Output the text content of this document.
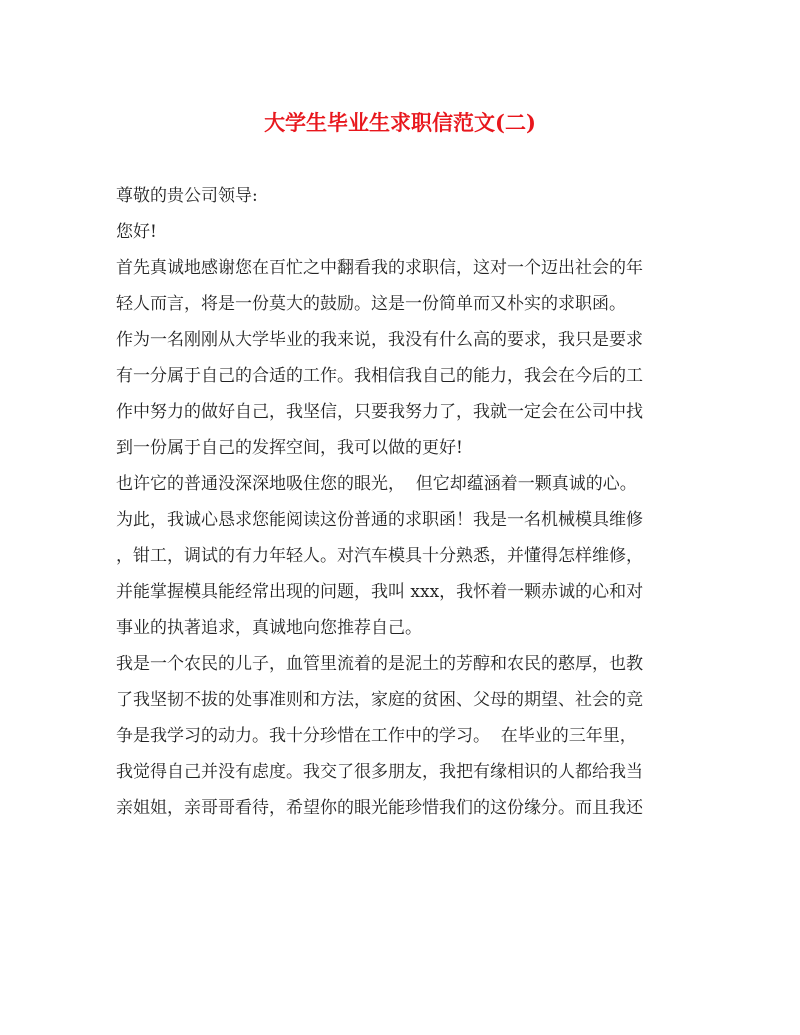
大学生毕业生求职信范文(二)
尊敬的贵公司领导:
您好!
首先真诚地感谢您在百忙之中翻看我的求职信，这对一个迈出社会的年
轻人而言，将是一份莫大的鼓励。这是一份简单而又朴实的求职函。
作为一名刚刚从大学毕业的我来说，我没有什么高的要求，我只是要求
有一分属于自己的合适的工作。我相信我自己的能力，我会在今后的工
作中努力的做好自己，我坚信，只要我努力了，我就一定会在公司中找
到一份属于自己的发挥空间，我可以做的更好!
也许它的普通没深深地吸住您的眼光，  但它却蕴涵着一颗真诚的心。
为此，我诚心恳求您能阅读这份普通的求职函！我是一名机械模具维修
，钳工，调试的有力年轻人。对汽车模具十分熟悉，并懂得怎样维修，
并能掌握模具能经常出现的问题，我叫 xxx，我怀着一颗赤诚的心和对
事业的执著追求，真诚地向您推荐自己。
我是一个农民的儿子，血管里流着的是泥土的芳醇和农民的憨厚，也教
了我坚韧不拔的处事准则和方法，家庭的贫困、父母的期望、社会的竞
争是我学习的动力。我十分珍惜在工作中的学习。  在毕业的三年里，
我觉得自己并没有虑度。我交了很多朋友，我把有缘相识的人都给我当
亲姐姐，亲哥哥看待，希望你的眼光能珍惜我们的这份缘分。而且我还
